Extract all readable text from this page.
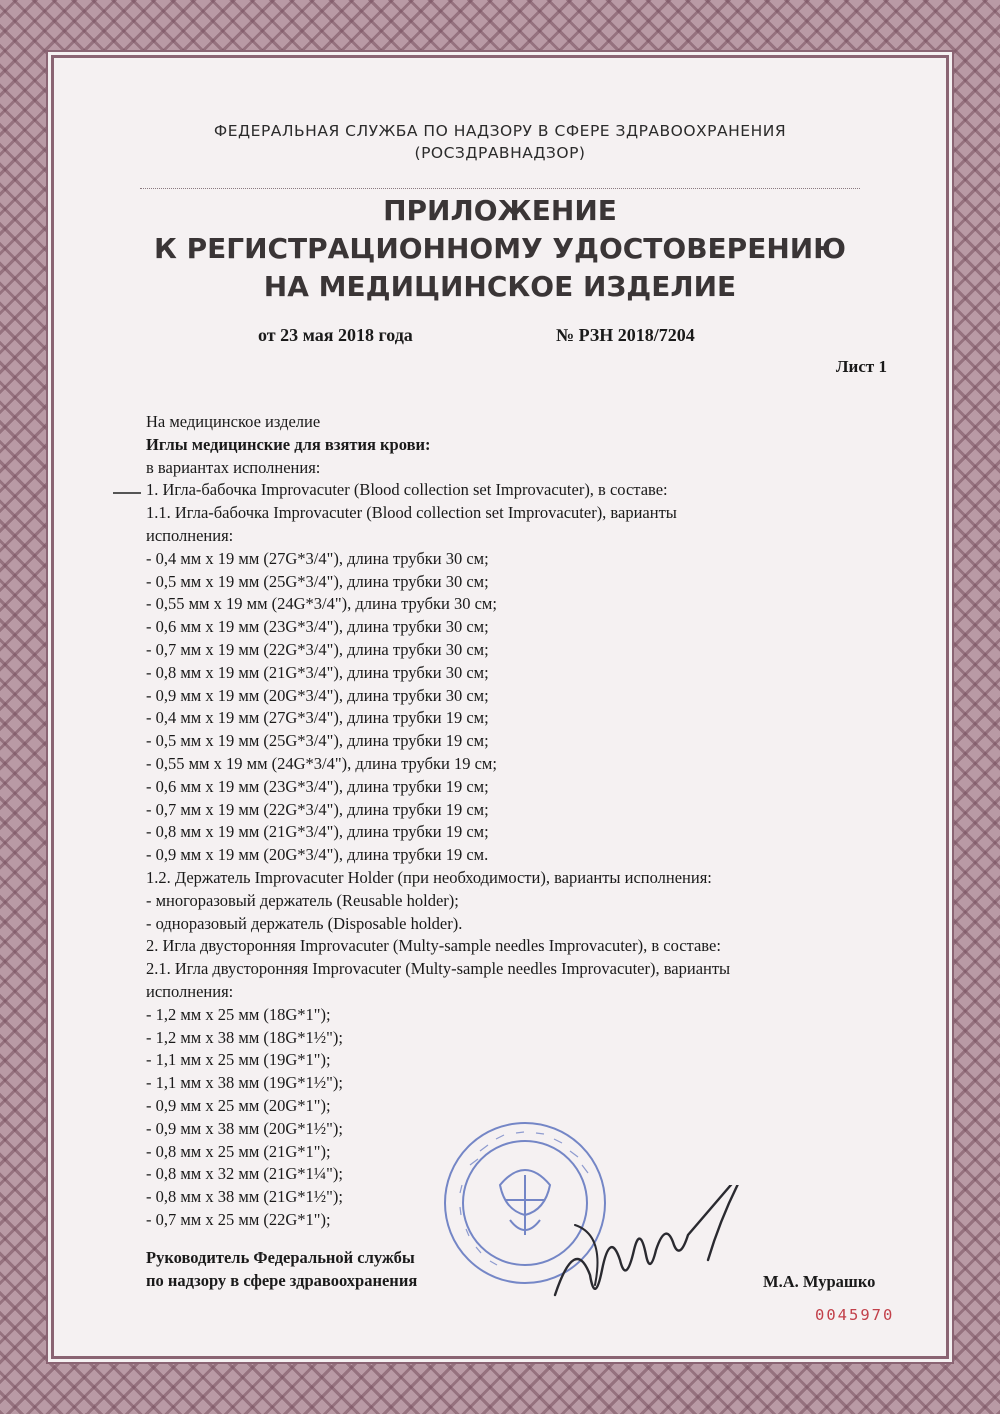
ФЕДЕРАЛЬНАЯ СЛУЖБА ПО НАДЗОРУ В СФЕРЕ ЗДРАВООХРАНЕНИЯ
(РОСЗДРАВНАДЗОР)
ПРИЛОЖЕНИЕ
К РЕГИСТРАЦИОННОМУ УДОСТОВЕРЕНИЮ
НА МЕДИЦИНСКОЕ ИЗДЕЛИЕ
от 23 мая 2018 года	№ РЗН 2018/7204
Лист 1
На медицинское изделие
Иглы медицинские для взятия крови:
в вариантах исполнения:
1. Игла-бабочка Improvacuter (Blood collection set Improvacuter), в составе:
1.1. Игла-бабочка Improvacuter (Blood collection set Improvacuter), варианты
исполнения:
- 0,4 мм х 19 мм (27G*3/4"), длина трубки 30 см;
- 0,5 мм х 19 мм (25G*3/4"), длина трубки 30 см;
- 0,55 мм х 19 мм (24G*3/4"), длина трубки 30 см;
- 0,6 мм х 19 мм (23G*3/4"), длина трубки 30 см;
- 0,7 мм х 19 мм (22G*3/4"), длина трубки 30 см;
- 0,8 мм х 19 мм (21G*3/4"), длина трубки 30 см;
- 0,9 мм х 19 мм (20G*3/4"), длина трубки 30 см;
- 0,4 мм х 19 мм (27G*3/4"), длина трубки 19 см;
- 0,5 мм х 19 мм (25G*3/4"), длина трубки 19 см;
- 0,55 мм х 19 мм (24G*3/4"), длина трубки 19 см;
- 0,6 мм х 19 мм (23G*3/4"), длина трубки 19 см;
- 0,7 мм х 19 мм (22G*3/4"), длина трубки 19 см;
- 0,8 мм х 19 мм (21G*3/4"), длина трубки 19 см;
- 0,9 мм х 19 мм (20G*3/4"), длина трубки 19 см.
1.2. Держатель Improvacuter Holder (при необходимости), варианты исполнения:
- многоразовый держатель (Reusable holder);
- одноразовый держатель (Disposable holder).
2. Игла двусторонняя Improvacuter (Multy-sample needles Improvacuter), в составе:
2.1. Игла двусторонняя Improvacuter (Multy-sample needles Improvacuter), варианты
исполнения:
- 1,2 мм х 25 мм (18G*1");
- 1,2 мм х 38 мм (18G*1½");
- 1,1 мм х 25 мм (19G*1");
- 1,1 мм х 38 мм (19G*1½");
- 0,9 мм х 25 мм (20G*1");
- 0,9 мм х 38 мм (20G*1½");
- 0,8 мм х 25 мм (21G*1");
- 0,8 мм х 32 мм (21G*1¼");
- 0,8 мм х 38 мм (21G*1½");
- 0,7 мм х 25 мм (22G*1");
Руководитель Федеральной службы
по надзору в сфере здравоохранения	М.А. Мурашко
0045970
